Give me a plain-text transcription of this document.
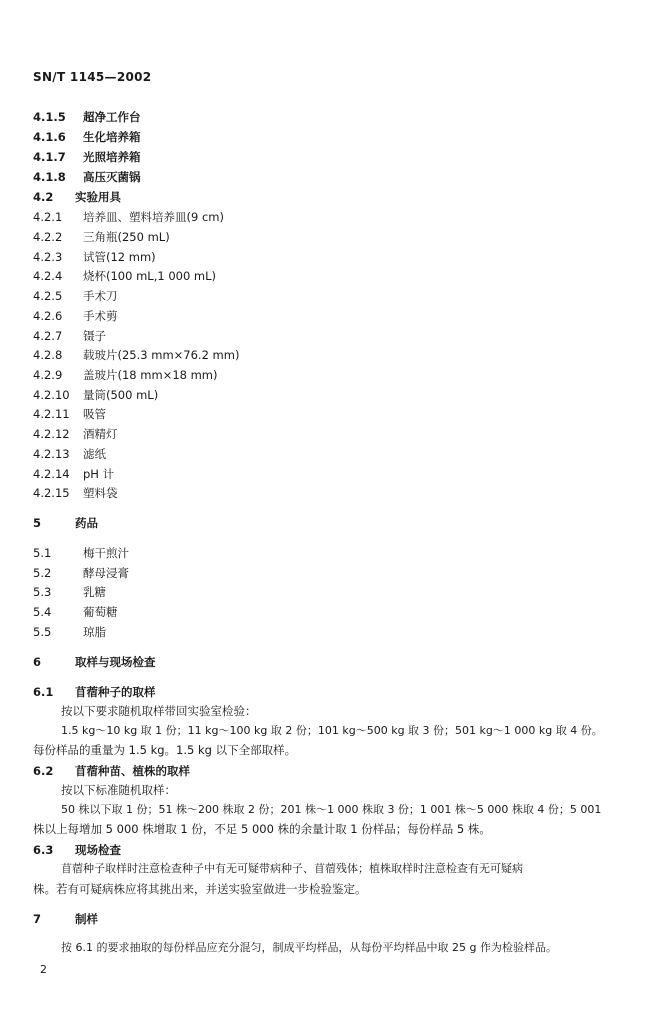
SN/T 1145—2002
4.1.5 超净工作台
4.1.6 生化培养箱
4.1.7 光照培养箱
4.1.8 高压灭菌锅
4.2 实验用具
4.2.1 培养皿、塑料培养皿(9 cm)
4.2.2 三角瓶(250 mL)
4.2.3 试管(12 mm)
4.2.4 烧杯(100 mL,1 000 mL)
4.2.5 手术刀
4.2.6 手术剪
4.2.7 镊子
4.2.8 载玻片(25.3 mm×76.2 mm)
4.2.9 盖玻片(18 mm×18 mm)
4.2.10 量筒(500 mL)
4.2.11 吸管
4.2.12 酒精灯
4.2.13 滤纸
4.2.14 pH 计
4.2.15 塑料袋
5	药品
5.1	梅干煎汁
5.2	酵母浸膏
5.3	乳糖
5.4	葡萄糖
5.5	琼脂
6	取样与现场检查
6.1 苜蓿种子的取样
按以下要求随机取样带回实验室检验：
1.5 kg～10 kg 取 1 份；11 kg～100 kg 取 2 份；101 kg～500 kg 取 3 份；501 kg～1 000 kg 取 4 份。
每份样品的重量为 1.5 kg。1.5 kg 以下全部取样。
6.2 苜蓿种苗、植株的取样
按以下标准随机取样：
50 株以下取 1 份；51 株～200 株取 2 份；201 株～1 000 株取 3 份；1 001 株～5 000 株取 4 份；5 001
株以上每增加 5 000 株增取 1 份，不足 5 000 株的余量计取 1 份样品；每份样品 5 株。
6.3 现场检查
苜蓿种子取样时注意检查种子中有无可疑带病种子、苜蓿残体；植株取样时注意检查有无可疑病
株。若有可疑病株应将其挑出来，并送实验室做进一步检验鉴定。
7	制样
按 6.1 的要求抽取的每份样品应充分混匀，制成平均样品，从每份平均样品中取 25 g 作为检验样品。
2
